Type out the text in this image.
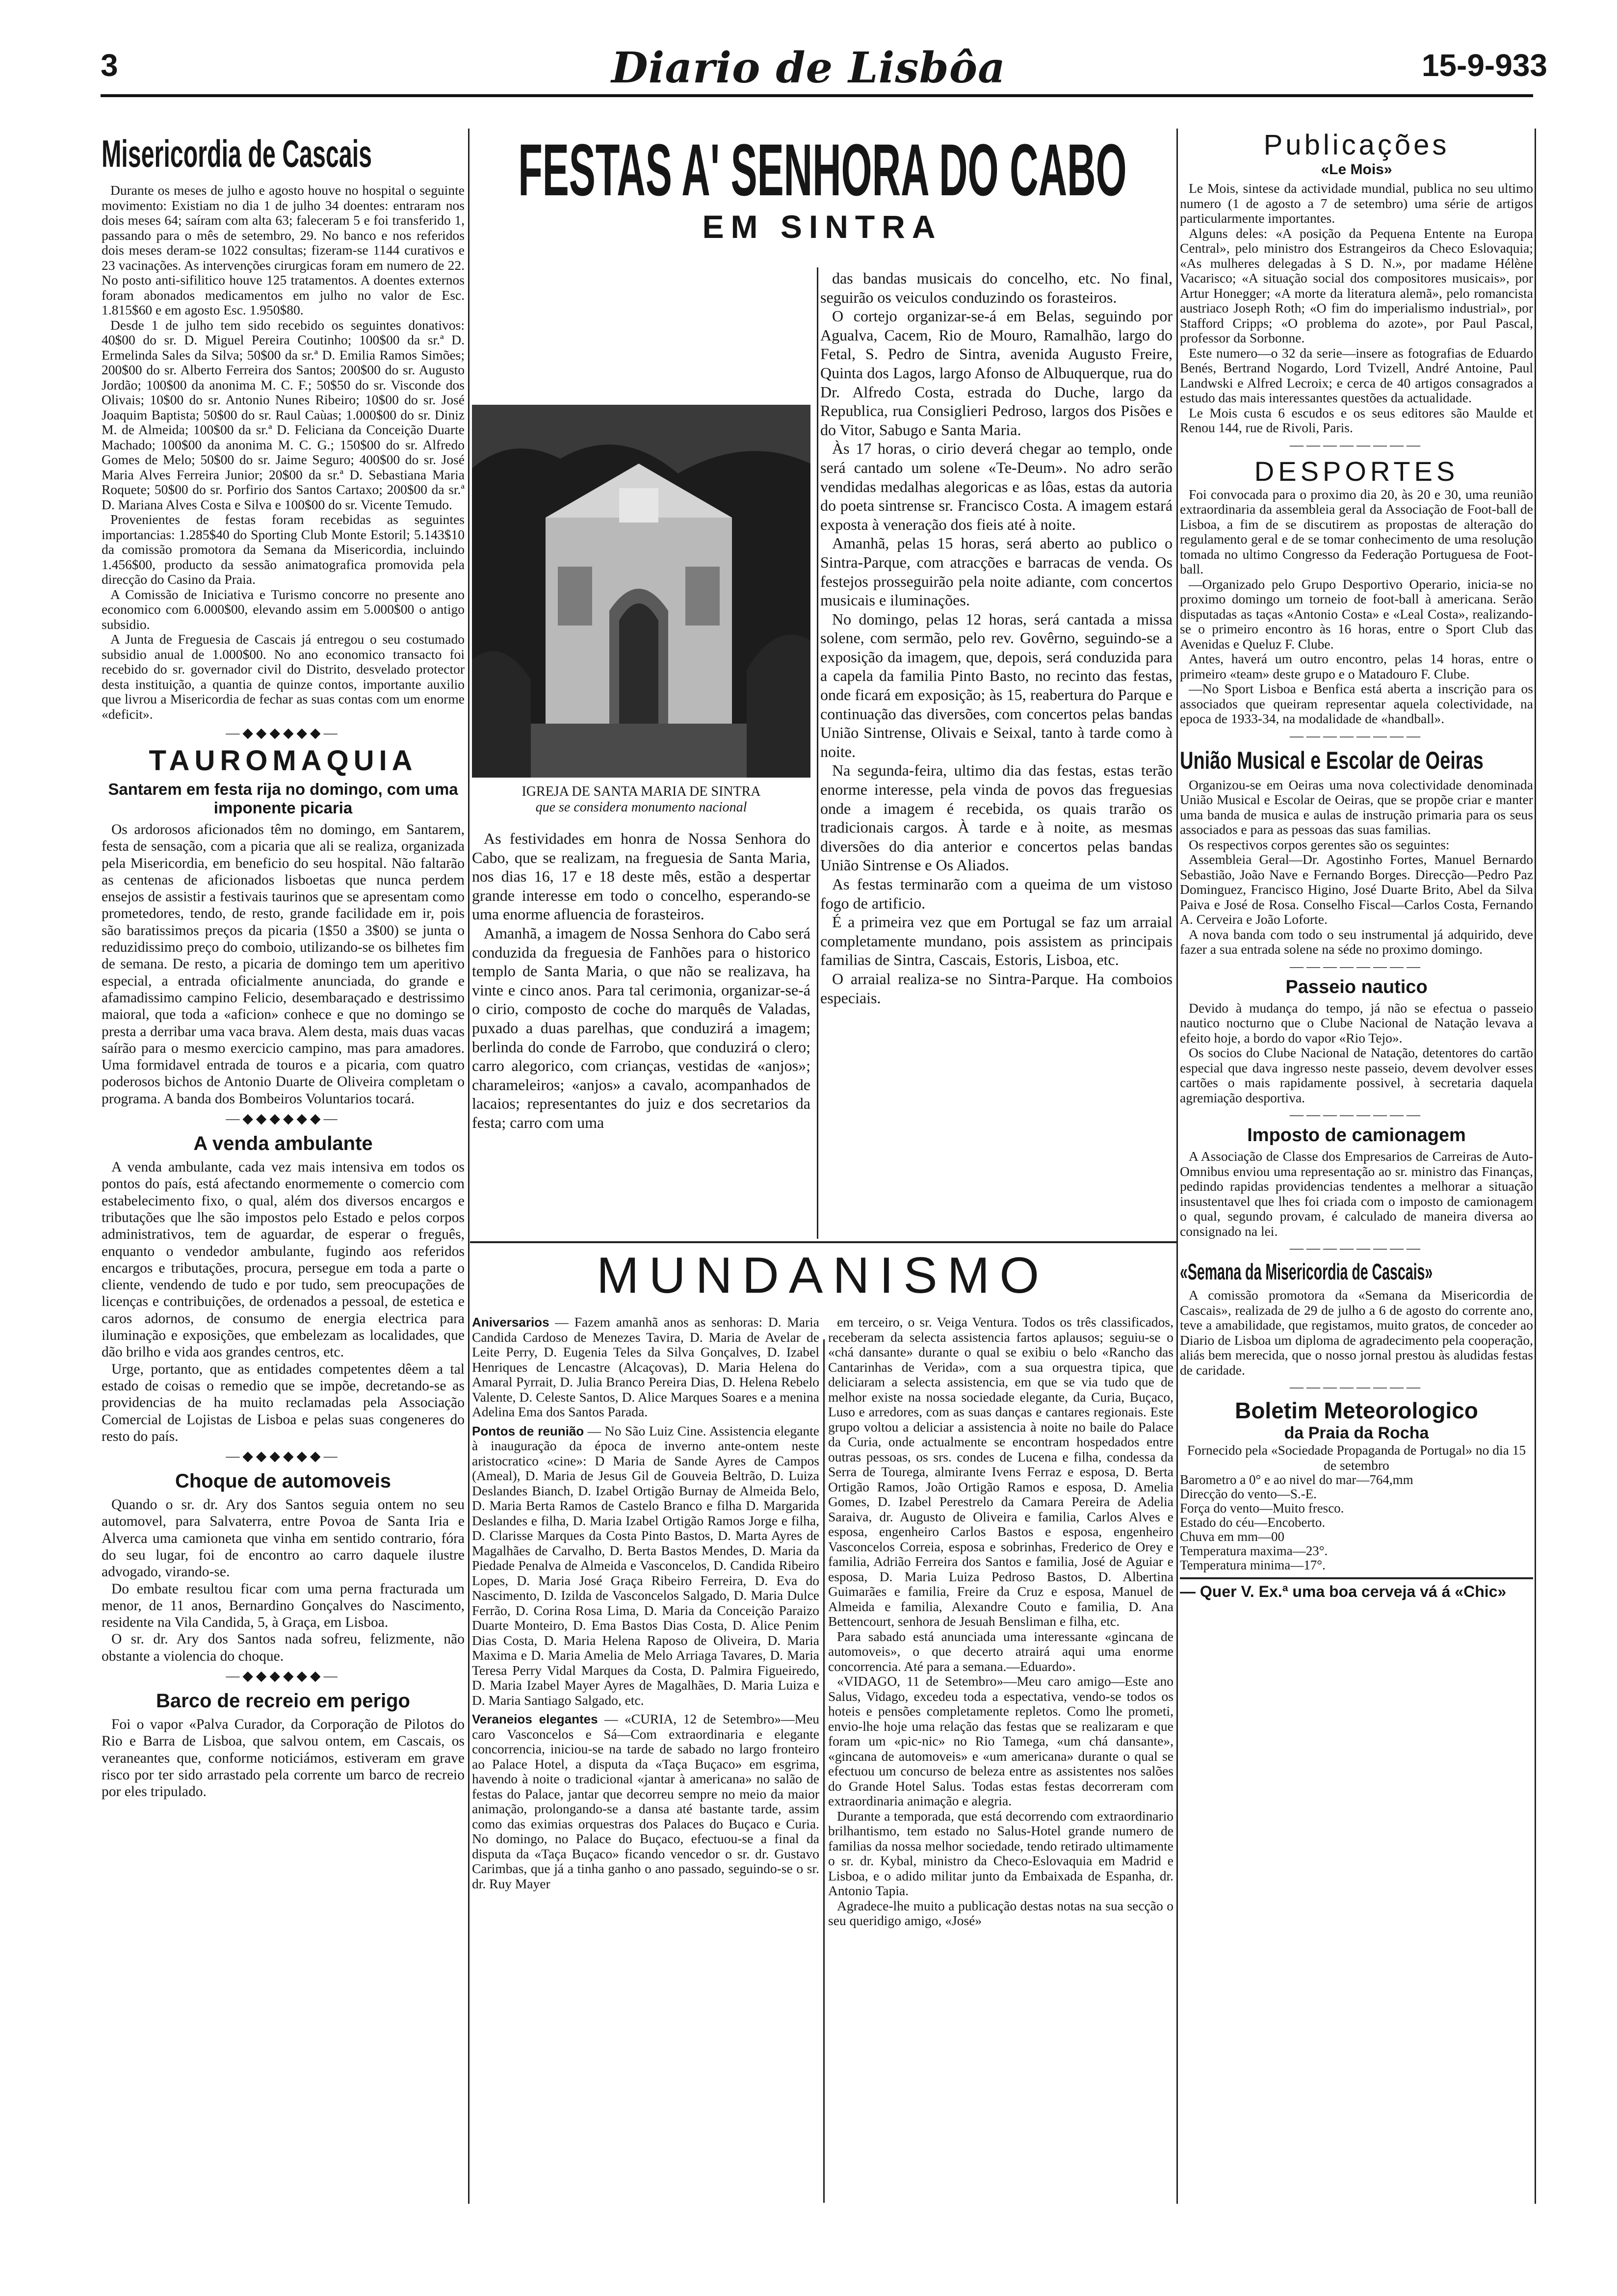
3	Diario de Lisbôa	15-9-933
Misericordia de Cascais

Durante os meses de julho e agosto houve no hospital o seguinte movimento: Existiam no dia 1 de julho 34 doentes: entraram nos dois meses 64; saíram com alta 63; faleceram 5 e foi transferido 1, passando para o mês de setembro, 29. No banco e nos referidos dois meses deram-se 1022 consultas; fizeram-se 1144 curativos e 23 vacinações. As intervenções cirurgicas foram em numero de 22. No posto anti-sifilitico houve 125 tratamentos. A doentes externos foram abonados medicamentos em julho no valor de Esc. 1.815$60 e em agosto Esc. 1.950$80.

Desde 1 de julho tem sido recebido os seguintes donativos: 40$00 do sr. D. Miguel Pereira Coutinho; 100$00 da sr.ª D. Ermelinda Sales da Silva; 50$00 da sr.ª D. Emilia Ramos Simões; 200$00 do sr. Alberto Ferreira dos Santos; 200$00 do sr. Augusto Jordão; 100$00 da anonima M. C. F.; 50$50 do sr. Visconde dos Olivais; 10$00 do sr. Antonio Nunes Ribeiro; 10$00 do sr. José Joaquim Baptista; 50$00 do sr. Raul Caùas; 1.000$00 do sr. Diniz M. de Almeida; 100$00 da sr.ª D. Feliciana da Conceição Duarte Machado; 100$00 da anonima M. C. G.; 150$00 do sr. Alfredo Gomes de Melo; 50$00 do sr. Jaime Segurо; 400$00 do sr. José Maria Alves Ferreira Junior; 20$00 da sr.ª D. Sebastiana Maria Roquete; 50$00 do sr. Porfirio dos Santos Cartaxo; 200$00 da sr.ª D. Mariana Alves Costa e Silva e 100$00 do sr. Vicente Temudo.

Provenientes de festas foram recebidas as seguintes importancias: 1.285$40 do Sporting Club Monte Estoril; 5.143$10 da comissão promotora da Semana da Misericordia, incluindo 1.456$00, producto da sessão animatografica promovida pela direcção do Casino da Praia.

A Comissão de Iniciativa e Turismo concorre no presente ano economico com 6.000$00, elevando assim em 5.000$00 o antigo subsidio.

A Junta de Freguesia de Cascais já entregou o seu costumado subsidio anual de 1.000$00. No ano economico transacto foi recebido do sr. governador civil do Distrito, desvelado protector desta instituição, a quantia de quinze contos, importante auxilio que livrou a Misericordia de fechar as suas contas com um enorme «deficit».

—◆◆◆◆◆◆—
TAUROMAQUIA
Santarem em festa rija no domingo, com uma imponente picaria

Os ardorosos aficionados têm no domingo, em Santarem, festa de sensação, com a picaria que ali se realiza, organizada pela Misericordia, em beneficio do seu hospital. Não faltarão as centenas de aficionados lisboetas que nunca perdem ensejos de assistir a festivais taurinos que se apresentam como prometedores, tendo, de resto, grande facilidade em ir, pois são baratissimos preços da picaria (1$50 a 3$00) se junta o reduzidissimo preço do comboio, utilizando-se os bilhetes fim de semana. De resto, a picaria de domingo tem um aperitivo especial, a entrada oficialmente anunciada, do grande e afamadissimo campino Felicio, desembaraçado e destrissimo maioral, que toda a «aficion» conhece e que no domingo se presta a derribar uma vaca brava. Alem desta, mais duas vacas saírão para o mesmo exercicio campino, mas para amadores. Uma formidavel entrada de touros e a picaria, com quatro poderosos bichos de Antonio Duarte de Oliveira completam o programa. A banda dos Bombeiros Voluntarios tocará.

—◆◆◆◆◆◆—
A venda ambulante

A venda ambulante, cada vez mais intensiva em todos os pontos do país, está afectando enormemente o comercio com estabelecimento fixo, o qual, além dos diversos encargos e tributações que lhe são impostos pelo Estado e pelos corpos administrativos, tem de aguardar, de esperar o freguês, enquanto o vendedor ambulante, fugindo aos referidos encargos e tributações, procura, persegue em toda a parte o cliente, vendendo de tudo e por tudo, sem preocupações de licenças e contribuições, de ordenados a pessoal, de estetica e caros adornos, de consumo de energia electrica para iluminação e exposições, que embelezam as localidades, que dão brilho e vida aos grandes centros, etc.

Urge, portanto, que as entidades competentes dêem a tal estado de coisas o remedio que se impõe, decretando-se as providencias de ha muito reclamadas pela Associação Comercial de Lojistas de Lisboa e pelas suas congeneres do resto do país.

—◆◆◆◆◆◆—
Choque de automoveis

Quando o sr. dr. Ary dos Santos seguia ontem no seu automovel, para Salvaterra, entre Povoa de Santa Iria e Alverca uma camioneta que vinha em sentido contrario, fóra do seu lugar, foi de encontro ao carro daquele ilustre advogado, virando-se.

Do embate resultou ficar com uma perna fracturada um menor, de 11 anos, Bernardino Gonçalves do Nascimento, residente na Vila Candida, 5, à Graça, em Lisboa.

O sr. dr. Ary dos Santos nada sofreu, felizmente, não obstante a violencia do choque.

—◆◆◆◆◆◆—
Barco de recreio em perigo

Foi o vapor «Palva Curador, da Corporação de Pilotos do Rio e Barra de Lisboa, que salvou ontem, em Cascais, os veraneantes que, conforme noticiámos, estiveram em grave risco por ter sido arrastado pela corrente um barco de recreio por eles tripulado.

FESTAS A' SENHORA DO CABO
EM SINTRA
IGREJA DE SANTA MARIA DE SINTRA
que se considera monumento nacional

As festividades em honra de Nossa Senhora do Cabo, que se realizam, na freguesia de Santa Maria, nos dias 16, 17 e 18 deste mês, estão a despertar grande interesse em todo o concelho, esperando-se uma enorme afluencia de forasteiros.

Amanhã, a imagem de Nossa Senhora do Cabo será conduzida da freguesia de Fanhões para o historico templo de Santa Maria, o que não se realizava, ha vinte e cinco anos. Para tal cerimonia, organizar-se-á o cirio, composto de coche do marquês de Valadas, puxado a duas parelhas, que conduzirá a imagem; berlinda do conde de Farrobo, que conduzirá o clero; carro alegorico, com crianças, vestidas de «anjos»; charameleiros; «anjos» a cavalo, acompanhados de lacaios; representantes do juiz e dos secretarios da festa; carro com uma

das bandas musicais do concelho, etc. No final, seguirão os veiculos conduzindo os forasteiros.

O cortejo organizar-se-á em Belas, seguindo por Agualva, Cacem, Rio de Mouro, Ramalhão, largo do Fetal, S. Pedro de Sintra, avenida Augusto Freire, Quinta dos Lagos, largo Afonso de Albuquerque, rua do Dr. Alfredo Costa, estrada do Duche, largo da Republica, rua Consiglieri Pedroso, largos dos Pisões e do Vitor, Sabugo e Santa Maria.

Às 17 horas, o cirio deverá chegar ao templo, onde será cantado um solene «Te-Deum». No adro serão vendidas medalhas alegoricas e as lôas, estas da autoria do poeta sintrense sr. Francisco Costa. A imagem estará exposta à veneração dos fieis até à noite.

Amanhã, pelas 15 horas, será aberto ao publico o Sintra-Parque, com atracções e barracas de venda. Os festejos prosseguirão pela noite adiante, com concertos musicais e iluminações.

No domingo, pelas 12 horas, será cantada a missa solene, com sermão, pelo rev. Govêrno, seguindo-se a exposição da imagem, que, depois, será conduzida para a capela da familia Pinto Basto, no recinto das festas, onde ficará em exposição; às 15, reabertura do Parque e continuação das diversões, com concertos pelas bandas União Sintrense, Olivais e Seixal, tanto à tarde como à noite.

Na segunda-feira, ultimo dia das festas, estas terão enorme interesse, pela vinda de povos das freguesias onde a imagem é recebida, os quais trarão os tradicionais cargos. À tarde e à noite, as mesmas diversões do dia anterior e concertos pelas bandas União Sintrense e Os Aliados.

As festas terminarão com a queima de um vistoso fogo de artificio.

É a primeira vez que em Portugal se faz um arraial completamente mundano, pois assistem as principais familias de Sintra, Cascais, Estoris, Lisboa, etc.

O arraial realiza-se no Sintra-Parque. Ha comboios especiais.

MUNDANISMO

Aniversarios — Fazem amanhã anos as senhoras: D. Maria Candida Cardoso de Menezes Tavira, D. Maria de Avelar de Leite Perry, D. Eugenia Teles da Silva Gonçalves, D. Izabel Henriques de Lencastre (Alcaçovas), D. Maria Helena do Amaral Pyrrait, D. Julia Branco Pereira Dias, D. Helena Rebelo Valente, D. Celeste Santos, D. Alice Marques Soares e a menina Adelina Ema dos Santos Parada.

Pontos de reunião — No São Luiz Cine. Assistencia elegante à inauguração da época de inverno ante-ontem neste aristocratico «cine»: D Maria de Sande Ayres de Campos (Ameal), D. Maria de Jesus Gil de Gouveia Beltrão, D. Luiza Deslandes Bianch, D. Izabel Ortigão Burnay de Almeida Belo, D. Maria Berta Ramos de Castelo Branco e filha D. Margarida Deslandes e filha, D. Maria Izabel Ortigão Ramos Jorge e filha, D. Clarisse Marques da Costa Pinto Bastos, D. Marta Ayres de Magalhães de Carvalho, D. Berta Bastos Mendes, D. Maria da Piedade Penalva de Almeida e Vasconcelos, D. Candida Ribeiro Lopes, D. Maria José Graça Ribeiro Ferreira, D. Eva do Nascimento, D. Izilda de Vasconcelos Salgado, D. Maria Dulce Ferrão, D. Corina Rosa Lima, D. Maria da Conceição Paraizo Duarte Monteiro, D. Ema Bastos Dias Costa, D. Alice Penim Dias Costa, D. Maria Helena Raposo de Oliveira, D. Maria Maxima e D. Maria Amelia de Melo Arriaga Tavares, D. Maria Teresa Perry Vidal Marques da Costa, D. Palmira Figueiredo, D. Maria Izabel Mayer Ayres de Magalhães, D. Maria Luiza e D. Maria Santiago Salgado, etc.

Veraneios elegantes — «CURIA, 12 de Setembro»—Meu caro Vasconcelos e Sá—Com extraordinaria e elegante concorrencia, iniciou-se na tarde de sabado no largo fronteiro ao Palace Hotel, a disputa da «Taça Buçaco» em esgrima, havendo à noite o tradicional «jantar à americana» no salão de festas do Palace, jantar que decorreu sempre no meio da maior animação, prolongando-se a dansa até bastante tarde, assim como das eximias orquestras dos Palaces do Buçaco e Curia. No domingo, no Palace do Buçaco, efectuou-se a final da disputa da «Taça Buçaco» ficando vencedor o sr. dr. Gustavo Carimbas, que já a tinha ganho o ano passado, seguindo-se o sr. dr. Ruy Mayer

em terceiro, o sr. Veiga Ventura. Todos os três classificados, receberam da selecta assistencia fartos aplausos; seguiu-se o «chá dansante» durante o qual se exibiu o belo «Rancho das Cantarinhas de Verida», com a sua orquestra tipica, que deliciaram a selecta assistencia, em que se via tudo que de melhor existe na nossa sociedade elegante, da Curia, Buçaco, Luso e arredores, com as suas danças e cantares regionais. Este grupo voltou a deliciar a assistencia à noite no baile do Palace da Curia, onde actualmente se encontram hospedados entre outras pessoas, os srs. condes de Lucena e filha, condessa da Serra de Tourega, almirante Ivens Ferraz e esposa, D. Berta Ortigão Ramos, João Ortigão Ramos e esposa, D. Amelia Gomes, D. Izabel Perestrelo da Camara Pereira de Adelia Saraiva, dr. Augusto de Oliveira e familia, Carlos Alves e esposa, engenheiro Carlos Bastos e esposa, engenheiro Vasconcelos Correia, esposa e sobrinhas, Frederico de Orey e familia, Adrião Ferreira dos Santos e familia, José de Aguiar e esposa, D. Maria Luiza Pedroso Bastos, D. Albertina Guimarães e familia, Freire da Cruz e esposa, Manuel de Almeida e familia, Alexandre Couto e familia, D. Ana Bettencourt, senhora de Jesuah Bensliman e filha, etc.

Para sabado está anunciada uma interessante «gincana de automoveis», o que decerto atrairá aqui uma enorme concorrencia. Até para a semana.—Eduardo».

«VIDAGO, 11 de Setembro»—Meu caro amigo—Este ano Salus, Vidago, excedeu toda a espectativa, vendo-se todos os hoteis e pensões completamente repletos. Como lhe prometi, envio-lhe hoje uma relação das festas que se realizaram e que foram um «pic-nic» no Rio Tamega, «um chá dansante», «gincana de automoveis» e «um americana» durante o qual se efectuou um concurso de beleza entre as assistentes nos salões do Grande Hotel Salus. Todas estas festas decorreram com extraordinaria animação e alegria.

Durante a temporada, que está decorrendo com extraordinario brilhantismo, tem estado no Salus-Hotel grande numero de familias da nossa melhor sociedade, tendo retirado ultimamente o sr. dr. Kybal, ministro da Checo-Eslovaquia em Madrid e Lisboa, e o adido militar junto da Embaixada de Espanha, dr. Antonio Tapia.

Agradece-lhe muito a publicação destas notas na sua secção o seu queridigo amigo, «José»

Publicações
«Le Mois»

Le Mois, sintese da actividade mundial, publica no seu ultimo numero (1 de agosto a 7 de setembro) uma série de artigos particularmente importantes.

Alguns deles: «A posição da Pequena Entente na Europa Central», pelo ministro dos Estrangeiros da Checo Eslovaquia; «As mulheres delegadas à S D. N.», por madame Hélène Vacarisco; «A situação social dos compositores musicais», por Artur Honegger; «A morte da literatura alemã», pelo romancista austriaco Joseph Roth; «O fim do imperialismo industrial», por Stafford Cripps; «O problema do azote», por Paul Pascal, professor da Sorbonne.

Este numero—o 32 da serie—insere as fotografias de Eduardo Benés, Bertrand Nogardo, Lord Tvizell, André Antoine, Paul Landwski e Alfred Lecroix; e cerca de 40 artigos consagrados a estudo das mais interessantes questões da actualidade.

Le Mois custa 6 escudos e os seus editores são Maulde et Renou 144, rue de Rivoli, Paris.

————————
DESPORTES

Foi convocada para o proximo dia 20, às 20 e 30, uma reunião extraordinaria da assembleia geral da Associação de Foot-ball de Lisboa, a fim de se discutirem as propostas de alteração do regulamento geral e de se tomar conhecimento de uma resolução tomada no ultimo Congresso da Federação Portuguesa de Foot-ball.

—Organizado pelo Grupo Desportivo Operario, inicia-se no proximo domingo um torneio de foot-ball à americana. Serão disputadas as taças «Antonio Costa» e «Leal Costa», realizando-se o primeiro encontro às 16 horas, entre o Sport Club das Avenidas e Queluz F. Clube.

Antes, haverá um outro encontro, pelas 14 horas, entre o primeiro «team» deste grupo e o Matadouro F. Clube.

—No Sport Lisboa e Benfica está aberta a inscrição para os associados que queiram representar aquela colectividade, na epoca de 1933-34, na modalidade de «handball».

————————
União Musical e Escolar de Oeiras

Organizou-se em Oeiras uma nova colectividade denominada União Musical e Escolar de Oeiras, que se propõe criar e manter uma banda de musica e aulas de instrução primaria para os seus associados e para as pessoas das suas familias.

Os respectivos corpos gerentes são os seguintes:

Assembleia Geral—Dr. Agostinho Fortes, Manuel Bernardo Sebastião, João Nave e Fernando Borges. Direcção—Pedro Paz Dominguez, Francisco Higino, José Duarte Brito, Abel da Silva Paiva e José de Rosa. Conselho Fiscal—Carlos Costa, Fernando A. Cerveira e João Loforte.

A nova banda com todo o seu instrumental já adquirido, deve fazer a sua entrada solene na séde no proximo domingo.

————————
Passeio nautico

Devido à mudança do tempo, já não se efectua o passeio nautico nocturno que o Clube Nacional de Natação levava a efeito hoje, a bordo do vapor «Rio Tejo».

Os socios do Clube Nacional de Natação, detentores do cartão especial que dava ingresso neste passeio, devem devolver esses cartões o mais rapidamente possivel, à secretaria daquela agremiação desportiva.

————————
Imposto de camionagem

A Associação de Classe dos Empresarios de Carreiras de Auto-Omnibus enviou uma representação ao sr. ministro das Finanças, pedindo rapidas providencias tendentes a melhorar a situação insustentavel que lhes foi criada com o imposto de camionagem o qual, segundo provam, é calculado de maneira diversa ao consignado na lei.

————————
«Semana da Misericordia de Cascais»

A comissão promotora da «Semana da Misericordia de Cascais», realizada de 29 de julho a 6 de agosto do corrente ano, teve a amabilidade, que registamos, muito gratos, de conceder ao Diario de Lisboa um diploma de agradecimento pela cooperação, aliás bem merecida, que o nosso jornal prestou às aludidas festas de caridade.

————————
Boletim Meteorologico
da Praia da Rocha

Fornecido pela «Sociedade Propaganda de Portugal» no dia 15 de setembro

Barometro a 0° e ao nivel do mar—764,mm
Direcção do vento—S.-E.
Força do vento—Muito fresco.
Estado do céu—Encoberto.
Chuva em mm—00
Temperatura maxima—23°.
Temperatura minima—17°.
— Quer V. Ex.ª uma boa cerveja vá á «Chic»
